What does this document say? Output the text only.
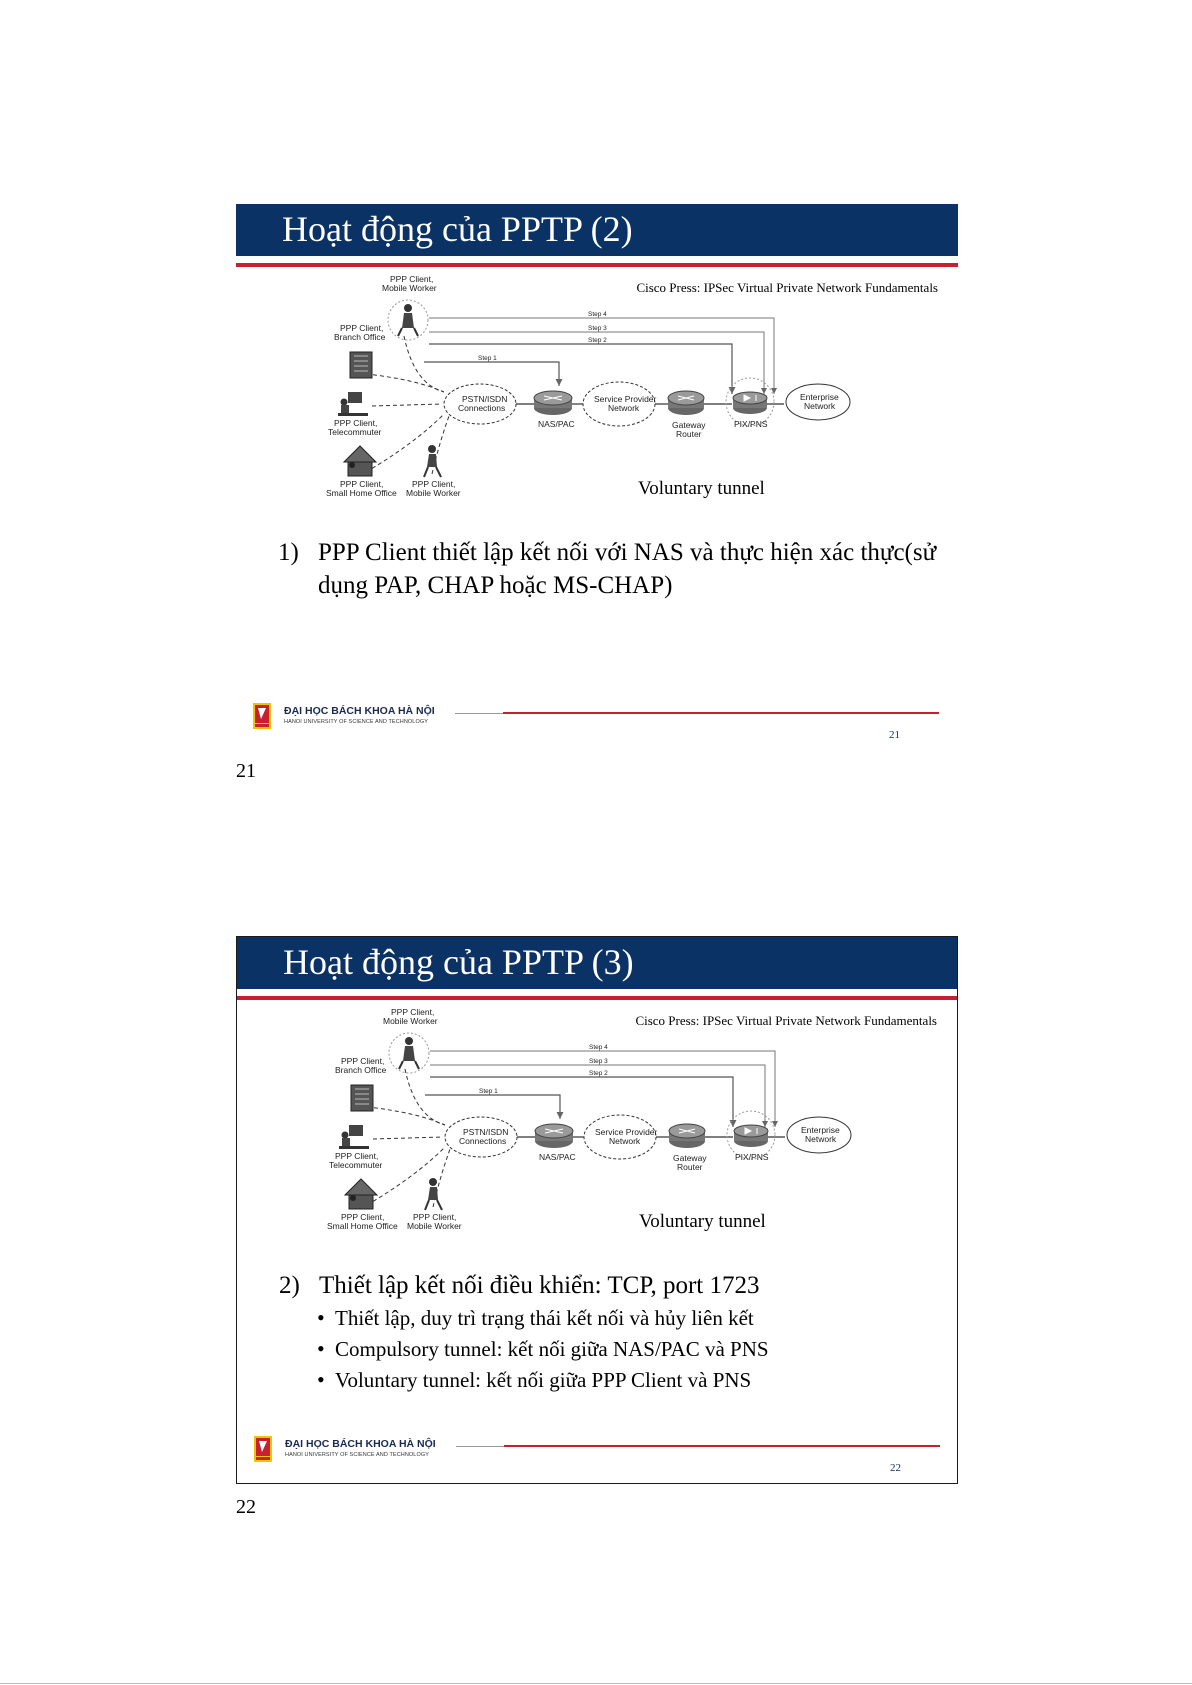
Hoạt động của PPTP (2)
Cisco Press: IPSec Virtual Private Network Fundamentals
Step 4
Step 3
Step 2
Step 1
PPP Client,
Mobile Worker
PPP Client,
Branch Office
PPP Client,
Telecommuter
PPP Client,
Small Home Office
PPP Client,
Mobile Worker
PSTN/ISDN
Connections
NAS/PAC
Service Provider
Network
Gateway
Router
PIX/PNS
Enterprise
Network
Voluntary tunnel
1) PPP Client thiết lập kết nối với NAS và thực hiện xác thực(sử dụng PAP, CHAP hoặc MS-CHAP)
ĐẠI HỌC BÁCH KHOA HÀ NỘI
HANOI UNIVERSITY OF SCIENCE AND TECHNOLOGY
21
21
Hoạt động của PPTP (3)
Cisco Press: IPSec Virtual Private Network Fundamentals
Step 4
Step 3
Step 2
Step 1
PPP Client,
Mobile Worker
PPP Client,
Branch Office
PPP Client,
Telecommuter
PPP Client,
Small Home Office
PPP Client,
Mobile Worker
PSTN/ISDN
Connections
NAS/PAC
Service Provider
Network
Gateway
Router
PIX/PNS
Enterprise
Network
Voluntary tunnel
2) Thiết lập kết nối điều khiển: TCP, port 1723
• Thiết lập, duy trì trạng thái kết nối và hủy liên kết
• Compulsory tunnel: kết nối giữa NAS/PAC và PNS
• Voluntary tunnel: kết nối giữa PPP Client và PNS
ĐẠI HỌC BÁCH KHOA HÀ NỘI
HANOI UNIVERSITY OF SCIENCE AND TECHNOLOGY
22
22
